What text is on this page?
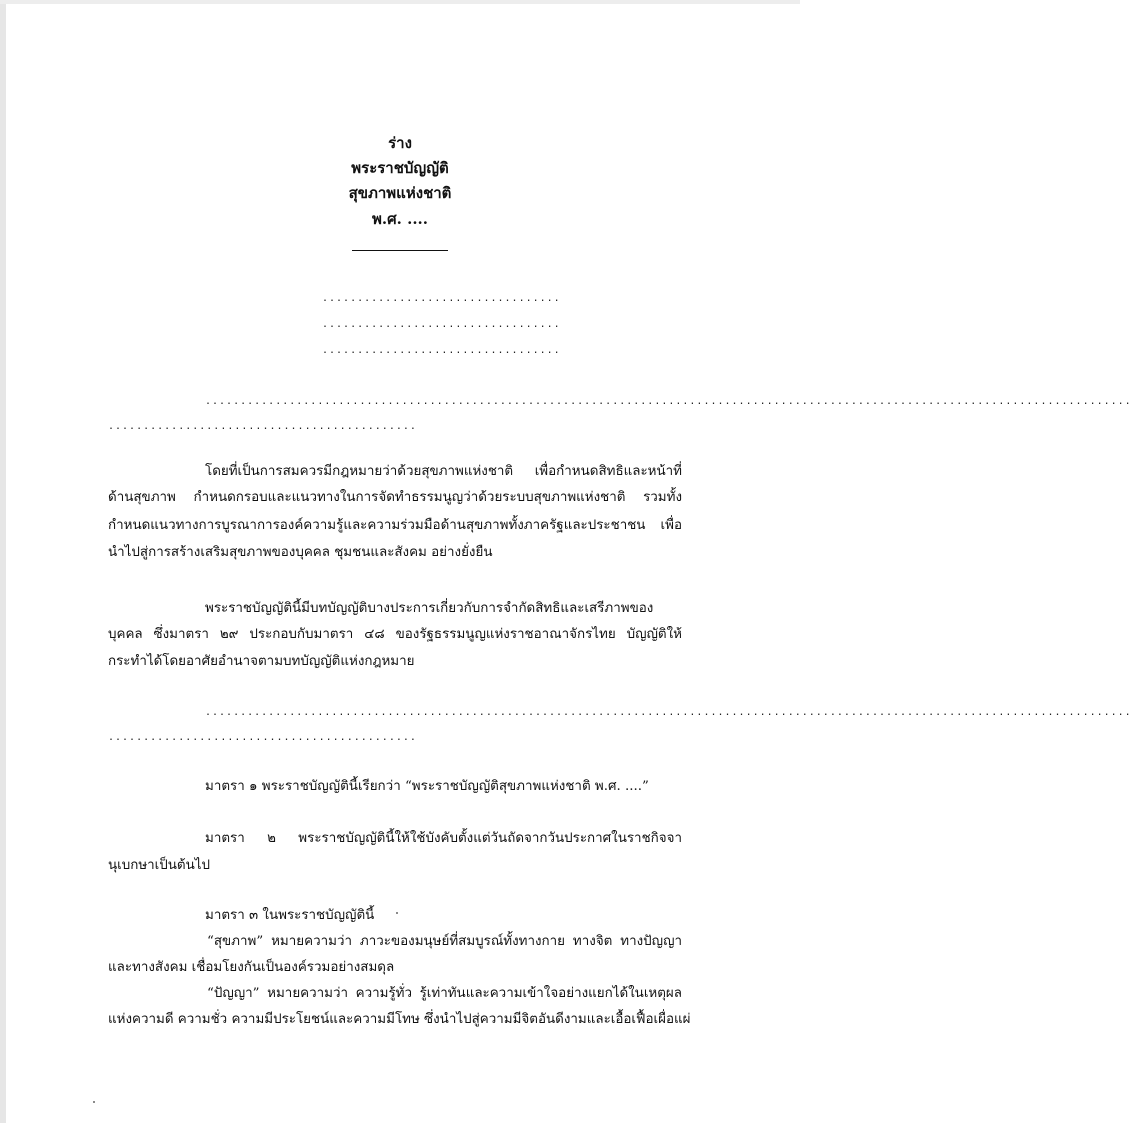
ร่าง
พระราชบัญญัติ
สุขภาพแห่งชาติ
พ.ศ. ....
..................................
..................................
..................................
....................................................................................................................................
............................................
โดยที่เป็นการสมควรมีกฎหมายว่าด้วยสุขภาพแห่งชาติ เพื่อกำหนดสิทธิและหน้าที่
ด้านสุขภาพ กำหนดกรอบและแนวทางในการจัดทำธรรมนูญว่าด้วยระบบสุขภาพแห่งชาติ รวมทั้ง
กำหนดแนวทางการบูรณาการองค์ความรู้และความร่วมมือด้านสุขภาพทั้งภาครัฐและประชาชน เพื่อ
นำไปสู่การสร้างเสริมสุขภาพของบุคคล ชุมชนและสังคม อย่างยั่งยืน
พระราชบัญญัตินี้มีบทบัญญัติบางประการเกี่ยวกับการจำกัดสิทธิและเสรีภาพของ
บุคคล ซึ่งมาตรา ๒๙ ประกอบกับมาตรา ๔๘ ของรัฐธรรมนูญแห่งราชอาณาจักรไทย บัญญัติให้
กระทำได้โดยอาศัยอำนาจตามบทบัญญัติแห่งกฎหมาย
....................................................................................................................................
............................................
มาตรา ๑ พระราชบัญญัตินี้เรียกว่า “พระราชบัญญัติสุขภาพแห่งชาติ พ.ศ. ....”
มาตรา ๒ พระราชบัญญัตินี้ให้ใช้บังคับตั้งแต่วันถัดจากวันประกาศในราชกิจจา
นุเบกษาเป็นต้นไป
มาตรา ๓ ในพระราชบัญญัตินี้
“สุขภาพ” หมายความว่า ภาวะของมนุษย์ที่สมบูรณ์ทั้งทางกาย ทางจิต ทางปัญญา
และทางสังคม เชื่อมโยงกันเป็นองค์รวมอย่างสมดุล
“ปัญญา” หมายความว่า ความรู้ทั่ว รู้เท่าทันและความเข้าใจอย่างแยกได้ในเหตุผล
แห่งความดี ความชั่ว ความมีประโยชน์และความมีโทษ ซึ่งนำไปสู่ความมีจิตอันดีงามและเอื้อเฟื้อเผื่อแผ่
